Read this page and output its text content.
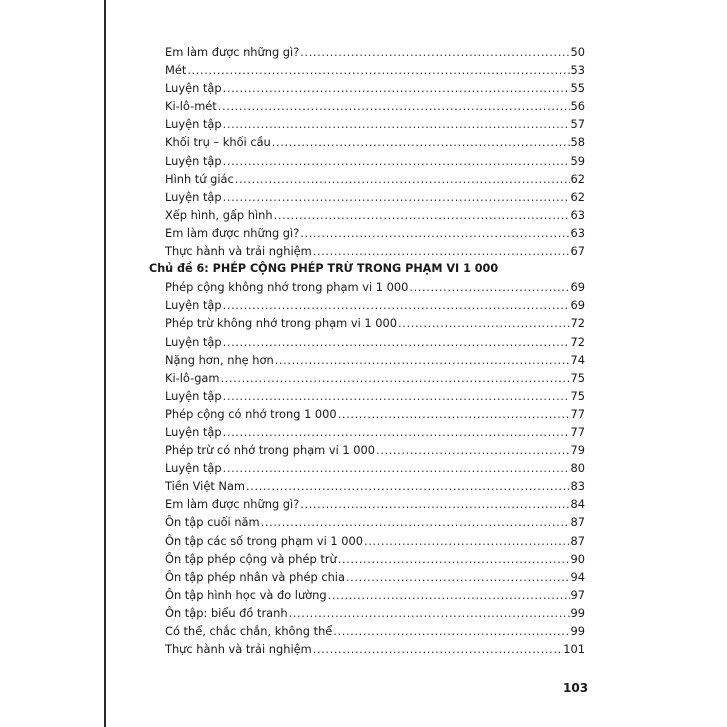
Em làm được những gì? .....	50
Mét .....	53
Luyện tập .....	55
Ki-lô-mét .....	56
Luyện tập .....	57
Khối trụ – khối cầu .....	58
Luyện tập .....	59
Hình tứ giác .....	62
Luyện tập .....	62
Xếp hình, gấp hình .....	63
Em làm được những gì? .....	63
Thực hành và trải nghiệm .....	67
Chủ đề 6: PHÉP CỘNG PHÉP TRỪ TRONG PHẠM VI 1 000
Phép cộng không nhớ trong phạm vi 1 000 .....	69
Luyện tập .....	69
Phép trừ không nhớ trong phạm vi 1 000 .....	72
Luyện tập .....	72
Nặng hơn, nhẹ hơn .....	74
Ki-lô-gam .....	75
Luyện tập .....	75
Phép cộng có nhớ trong 1 000 .....	77
Luyện tập .....	77
Phép trừ có nhớ trong phạm vi 1 000 .....	79
Luyện tập .....	80
Tiền Việt Nam .....	83
Em làm được những gì? .....	84
Ôn tập cuối năm .....	87
Ôn tập các số trong phạm vi 1 000 .....	87
Ôn tập phép cộng và phép trừ .....	90
Ôn tập phép nhân và phép chia .....	94
Ôn tập hình học và đo lường .....	97
Ôn tập: biểu đồ tranh .....	99
Có thể, chắc chắn, không thể .....	99
Thực hành và trải nghiệm .....	101
103
